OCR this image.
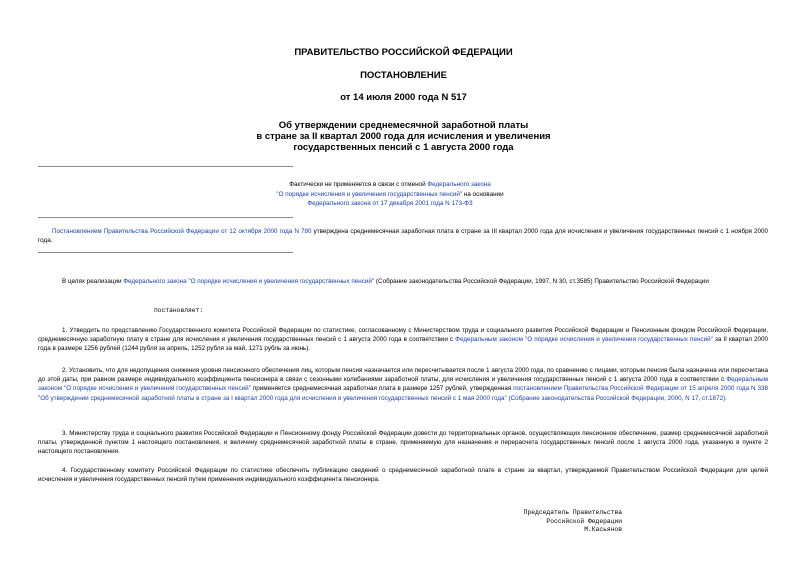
ПРАВИТЕЛЬСТВО РОССИЙСКОЙ ФЕДЕРАЦИИ
ПОСТАНОВЛЕНИЕ
от 14 июля 2000 года N 517
Об утверждении среднемесячной заработной платы
в стране за II квартал 2000 года для исчисления и увеличения
государственных пенсий с 1 августа 2000 года
Фактически не применяется в связи с отменой Федерального закона
"О порядке исчисления и увеличения государственных пенсий" на основании
Федерального закона от 17 декабря 2001 года N 173-ФЗ
Постановлением Правительства Российской Федерации от 12 октября 2000 года N 780 утверждена среднемесячная заработная плата в стране за III квартал 2000 года для исчисления и увеличения государственных пенсий с 1 ноября 2000 года.
В целях реализации Федерального закона "О порядке исчисления и увеличения государственных пенсий" (Собрание законодательства Российской Федерации, 1997, N 30, ст.3585) Правительство Российской Федерации
постановляет:
1. Утвердить по представлению Государственного комитета Российской Федерации по статистике, согласованному с Министерством труда и социального развития Российской Федерации и Пенсионным фондом Российской Федерации, среднемесячную заработную плату в стране для исчисления и увеличения государственных пенсий с 1 августа 2000 года в соответствии с Федеральным законом "О порядке исчисления и увеличения государственных пенсий" за II квартал 2000 года в размере 1256 рублей (1244 рубля за апрель, 1252 рубля за май, 1271 рубль за июнь).
2. Установить, что для недопущения снижения уровня пенсионного обеспечения лиц, которым пенсия назначается или пересчитывается после 1 августа 2000 года, по сравнению с лицами, которым пенсия была назначена или пересчитана до этой даты, при равном размере индивидуального коэффициента пенсионера в связи с сезонными колебаниями заработной платы, для исчисления и увеличения государственных пенсий с 1 августа 2000 года в соответствии с Федеральным законом "О порядке исчисления и увеличения государственных пенсий" применяется среднемесячная заработная плата в размере 1257 рублей, утвержденная постановлением Правительства Российской Федерации от 15 апреля 2000 года N 338 "Об утверждении среднемесячной заработной платы в стране за I квартал 2000 года для исчисления и увеличения государственных пенсий с 1 мая 2000 года" (Собрание законодательства Российской Федерации, 2000, N 17, ст.1872).
3. Министерству труда и социального развития Российской Федерации и Пенсионному фонду Российской Федерации довести до территориальных органов, осуществляющих пенсионное обеспечение, размер среднемесячной заработной платы, утвержденной пунктом 1 настоящего постановления, и величину среднемесячной заработной платы в стране, применяемую для назначения и перерасчета государственных пенсий после 1 августа 2000 года, указанную в пункте 2 настоящего постановления.
4. Государственному комитету Российской Федерации по статистике обеспечить публикацию сведений о среднемесячной заработной плате в стране за квартал, утверждаемой Правительством Российской Федерации для целей исчисления и увеличения государственных пенсий путем применения индивидуального коэффициента пенсионера.
Председатель Правительства
Российской Федерации
М.Касьянов
